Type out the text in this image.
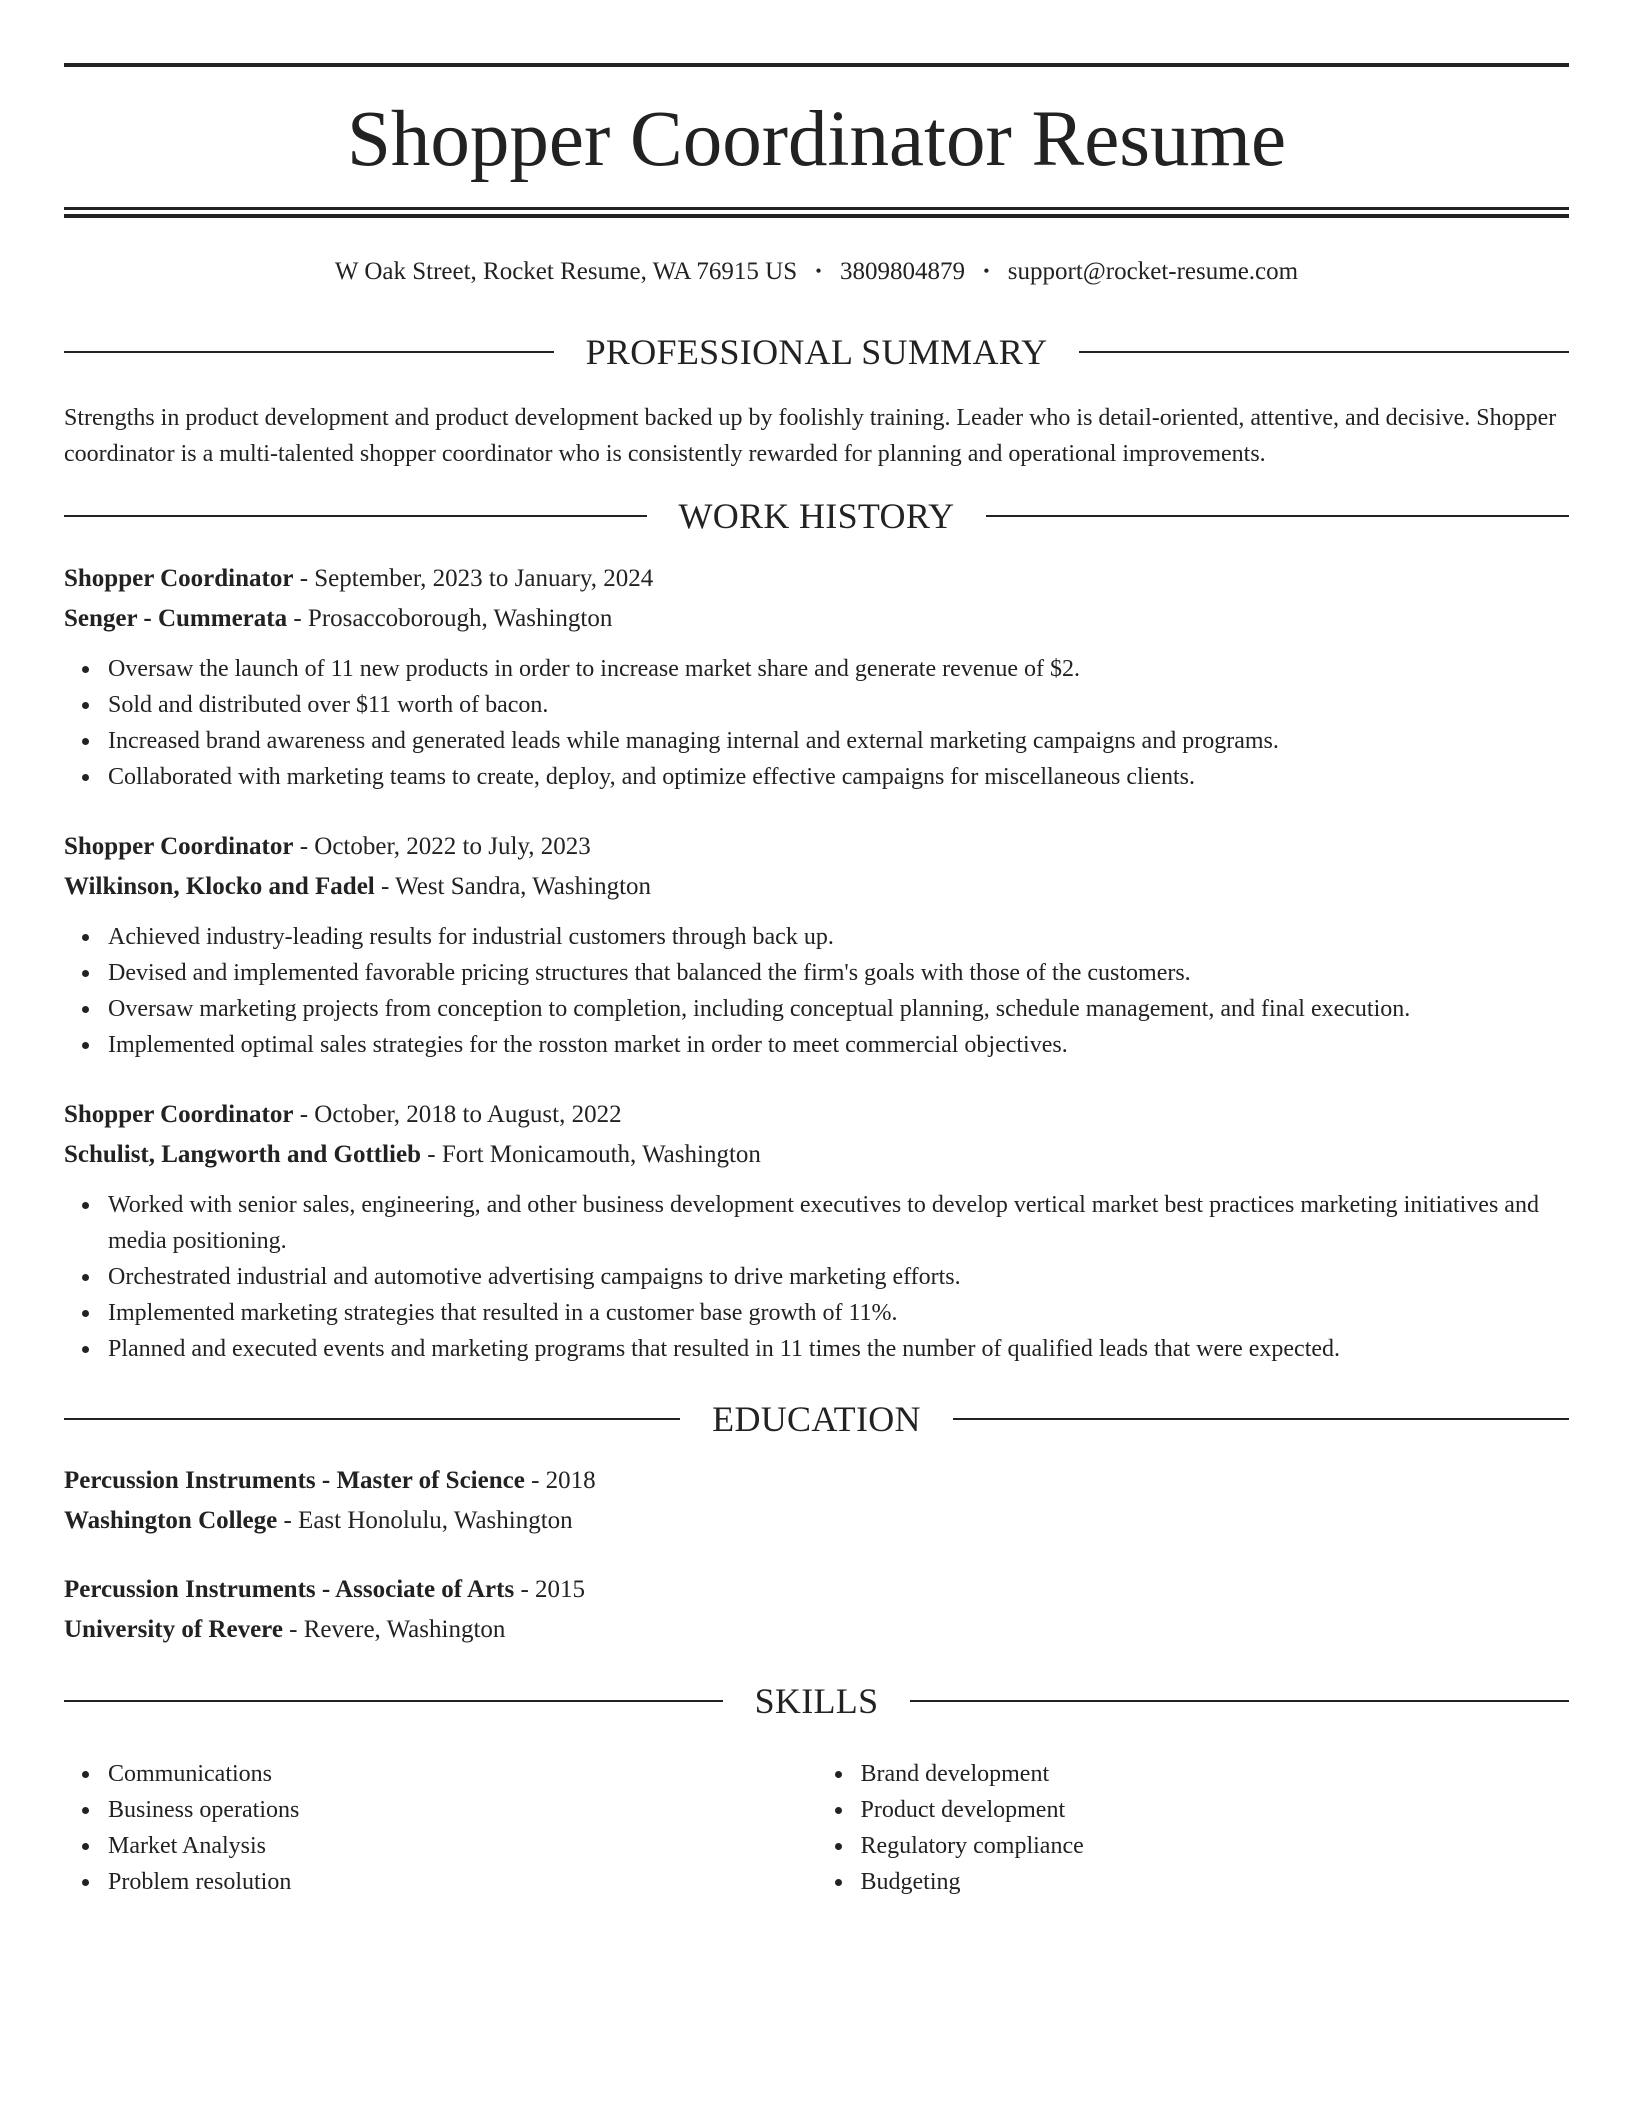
Shopper Coordinator Resume
W Oak Street, Rocket Resume, WA 76915 US • 3809804879 • support@rocket-resume.com
PROFESSIONAL SUMMARY

Strengths in product development and product development backed up by foolishly training. Leader who is detail-oriented, attentive, and decisive. Shopper coordinator is a multi-talented shopper coordinator who is consistently rewarded for planning and operational improvements.

WORK HISTORY
Shopper Coordinator - September, 2023 to January, 2024
Senger - Cummerata - Prosaccoborough, Washington
Oversaw the launch of 11 new products in order to increase market share and generate revenue of $2.
Sold and distributed over $11 worth of bacon.
Increased brand awareness and generated leads while managing internal and external marketing campaigns and programs.
Collaborated with marketing teams to create, deploy, and optimize effective campaigns for miscellaneous clients.
Shopper Coordinator - October, 2022 to July, 2023
Wilkinson, Klocko and Fadel - West Sandra, Washington
Achieved industry-leading results for industrial customers through back up.
Devised and implemented favorable pricing structures that balanced the firm's goals with those of the customers.
Oversaw marketing projects from conception to completion, including conceptual planning, schedule management, and final execution.
Implemented optimal sales strategies for the rosston market in order to meet commercial objectives.
Shopper Coordinator - October, 2018 to August, 2022
Schulist, Langworth and Gottlieb - Fort Monicamouth, Washington
Worked with senior sales, engineering, and other business development executives to develop vertical market best practices marketing initiatives and media positioning.
Orchestrated industrial and automotive advertising campaigns to drive marketing efforts.
Implemented marketing strategies that resulted in a customer base growth of 11%.
Planned and executed events and marketing programs that resulted in 11 times the number of qualified leads that were expected.
EDUCATION
Percussion Instruments - Master of Science - 2018
Washington College - East Honolulu, Washington
Percussion Instruments - Associate of Arts - 2015
University of Revere - Revere, Washington
SKILLS
Communications
Business operations
Market Analysis
Problem resolution
Brand development
Product development
Regulatory compliance
Budgeting
